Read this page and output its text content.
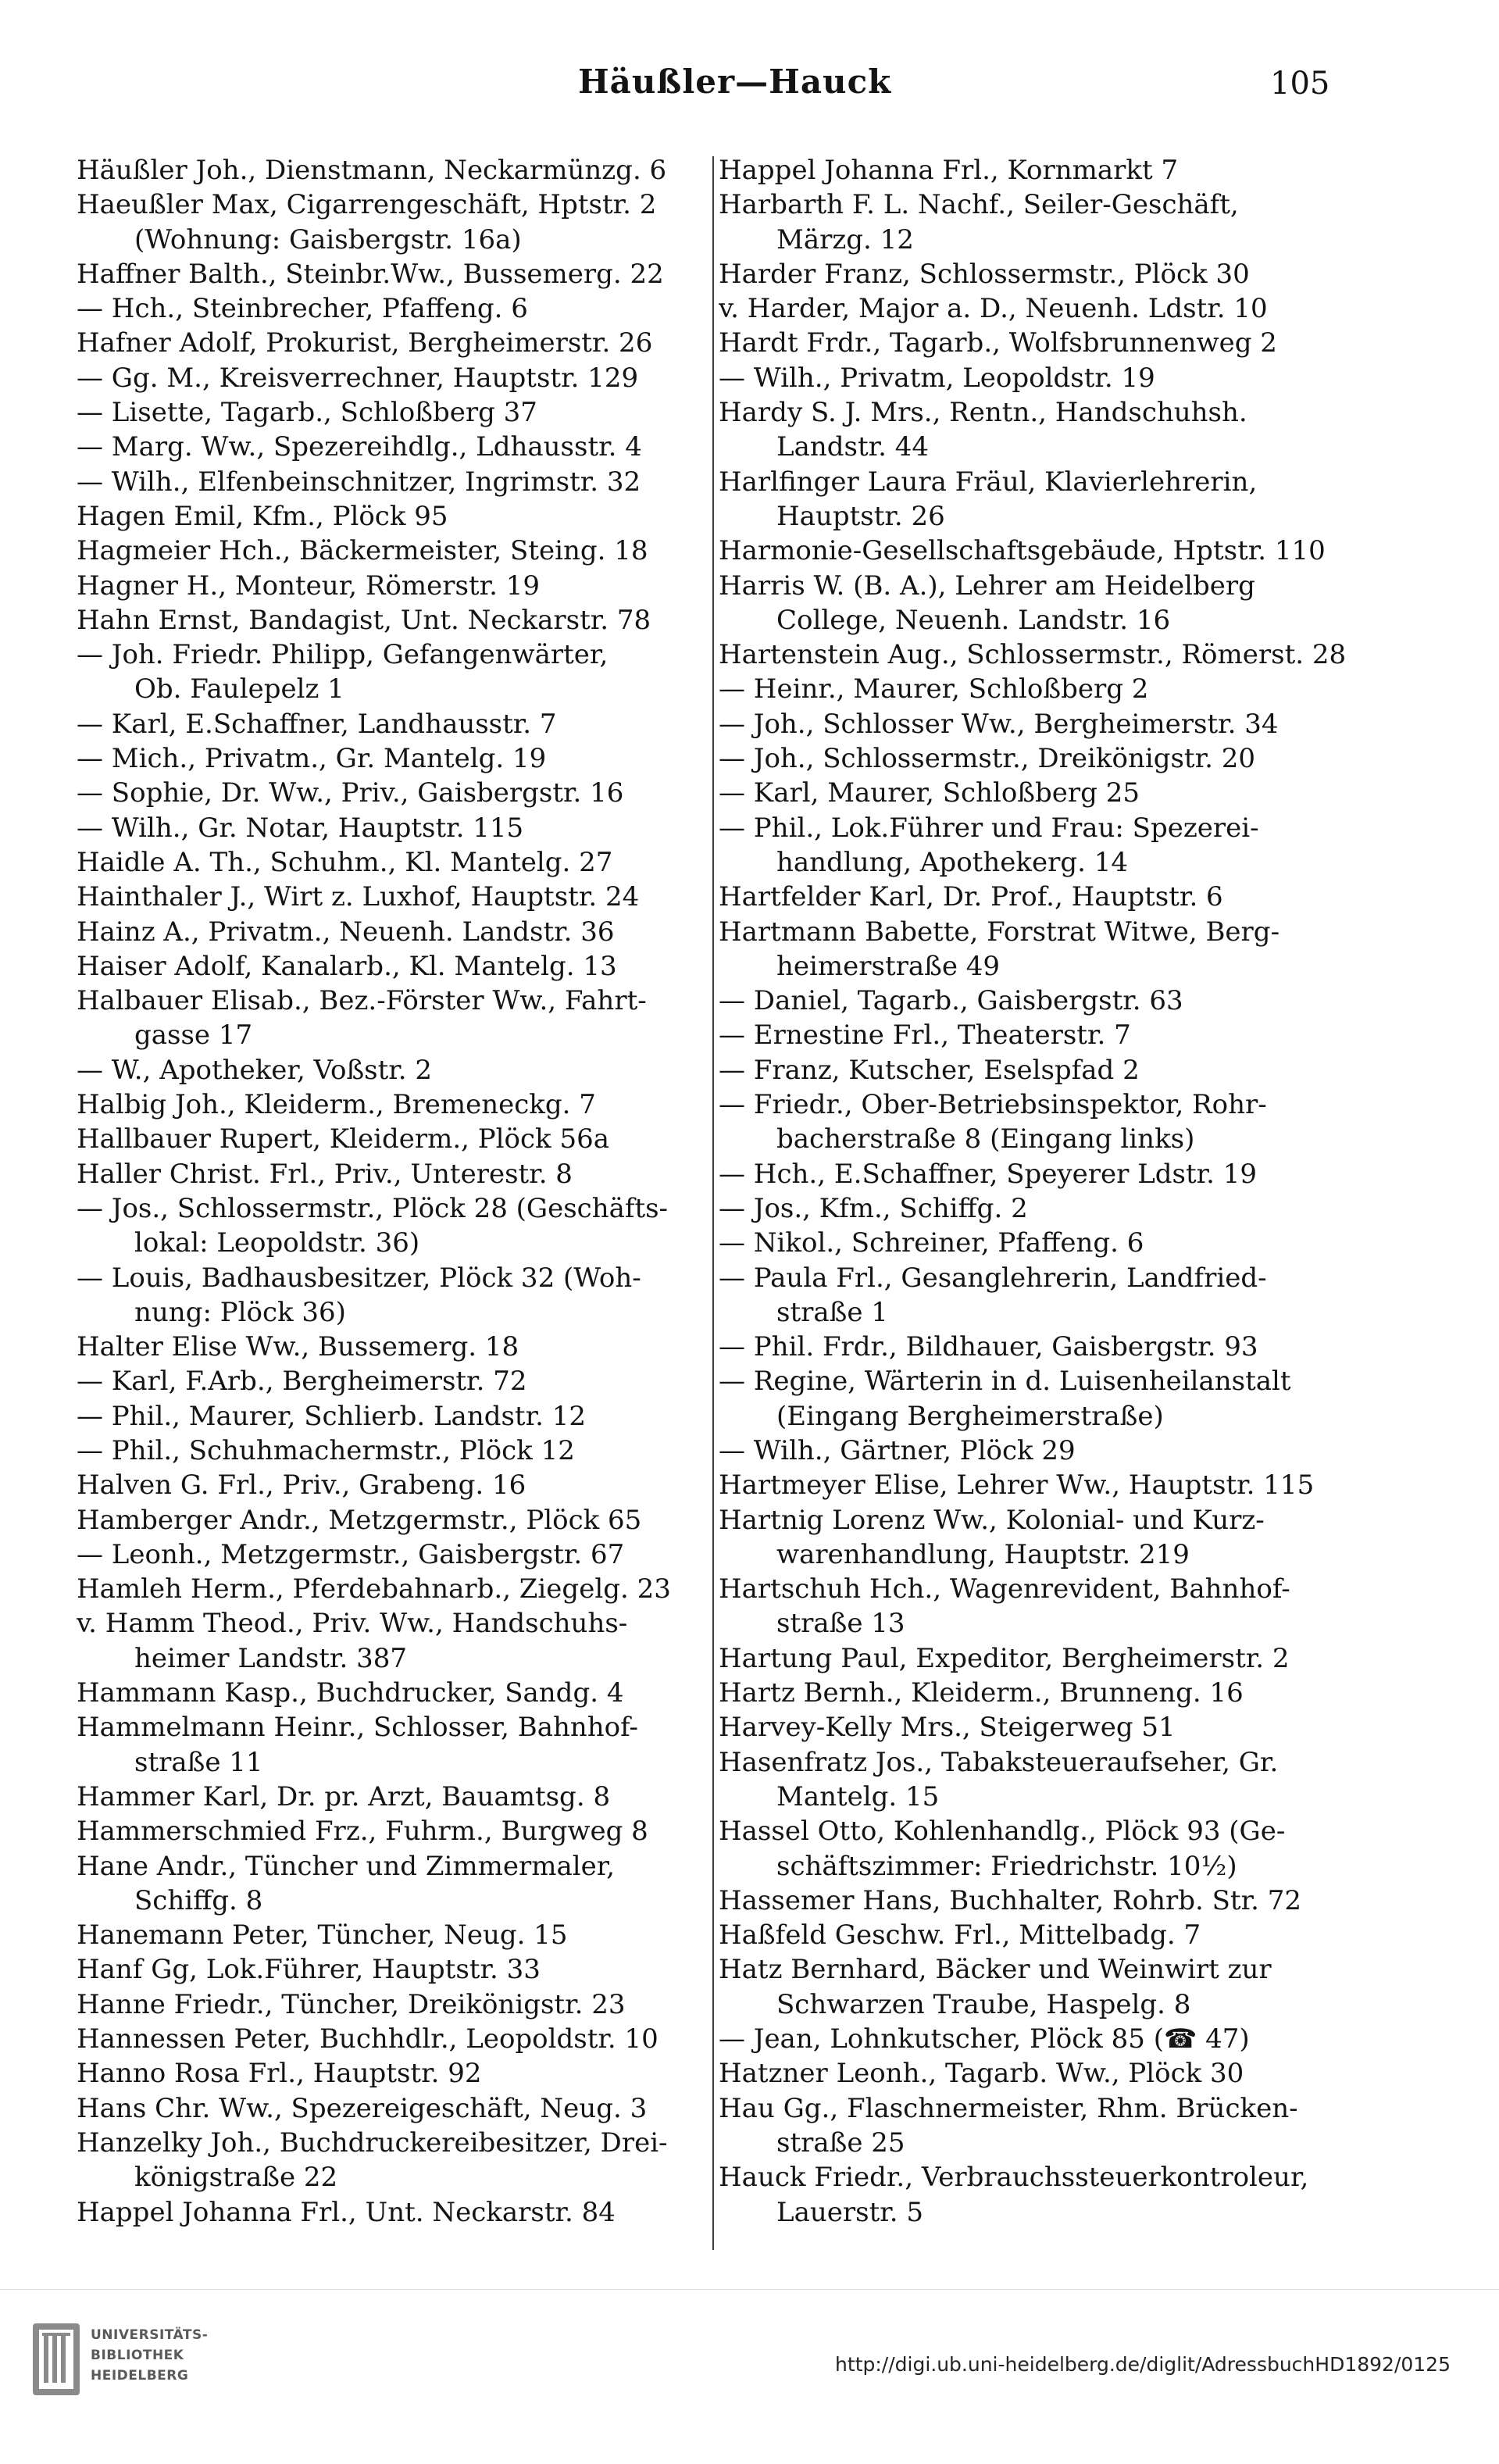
Häußler—Hauck	105
Häußler Joh., Dienstmann, Neckarmünzg. 6
Haeußler Max, Cigarrengeschäft, Hptstr. 2
(Wohnung: Gaisbergstr. 16a)
Haffner Balth., Steinbr.Ww., Bussemerg. 22
— Hch., Steinbrecher, Pfaffeng. 6
Hafner Adolf, Prokurist, Bergheimerstr. 26
— Gg. M., Kreisverrechner, Hauptstr. 129
— Lisette, Tagarb., Schloßberg 37
— Marg. Ww., Spezereihdlg., Ldhausstr. 4
— Wilh., Elfenbeinschnitzer, Ingrimstr. 32
Hagen Emil, Kfm., Plöck 95
Hagmeier Hch., Bäckermeister, Steing. 18
Hagner H., Monteur, Römerstr. 19
Hahn Ernst, Bandagist, Unt. Neckarstr. 78
— Joh. Friedr. Philipp, Gefangenwärter,
Ob. Faulepelz 1
— Karl, E.Schaffner, Landhausstr. 7
— Mich., Privatm., Gr. Mantelg. 19
— Sophie, Dr. Ww., Priv., Gaisbergstr. 16
— Wilh., Gr. Notar, Hauptstr. 115
Haidle A. Th., Schuhm., Kl. Mantelg. 27
Hainthaler J., Wirt z. Luxhof, Hauptstr. 24
Hainz A., Privatm., Neuenh. Landstr. 36
Haiser Adolf, Kanalarb., Kl. Mantelg. 13
Halbauer Elisab., Bez.-Förster Ww., Fahrt-
gasse 17
— W., Apotheker, Voßstr. 2
Halbig Joh., Kleiderm., Bremeneckg. 7
Hallbauer Rupert, Kleiderm., Plöck 56a
Haller Christ. Frl., Priv., Unterestr. 8
— Jos., Schlossermstr., Plöck 28 (Geschäfts-
lokal: Leopoldstr. 36)
— Louis, Badhausbesitzer, Plöck 32 (Woh-
nung: Plöck 36)
Halter Elise Ww., Bussemerg. 18
— Karl, F.Arb., Bergheimerstr. 72
— Phil., Maurer, Schlierb. Landstr. 12
— Phil., Schuhmachermstr., Plöck 12
Halven G. Frl., Priv., Grabeng. 16
Hamberger Andr., Metzgermstr., Plöck 65
— Leonh., Metzgermstr., Gaisbergstr. 67
Hamleh Herm., Pferdebahnarb., Ziegelg. 23
v. Hamm Theod., Priv. Ww., Handschuhs-
heimer Landstr. 387
Hammann Kasp., Buchdrucker, Sandg. 4
Hammelmann Heinr., Schlosser, Bahnhof-
straße 11
Hammer Karl, Dr. pr. Arzt, Bauamtsg. 8
Hammerschmied Frz., Fuhrm., Burgweg 8
Hane Andr., Tüncher und Zimmermaler,
Schiffg. 8
Hanemann Peter, Tüncher, Neug. 15
Hanf Gg, Lok.Führer, Hauptstr. 33
Hanne Friedr., Tüncher, Dreikönigstr. 23
Hannessen Peter, Buchhdlr., Leopoldstr. 10
Hanno Rosa Frl., Hauptstr. 92
Hans Chr. Ww., Spezereigeschäft, Neug. 3
Hanzelky Joh., Buchdruckereibesitzer, Drei-
königstraße 22
Happel Johanna Frl., Unt. Neckarstr. 84
Happel Johanna Frl., Kornmarkt 7
Harbarth F. L. Nachf., Seiler-Geschäft,
Märzg. 12
Harder Franz, Schlossermstr., Plöck 30
v. Harder, Major a. D., Neuenh. Ldstr. 10
Hardt Frdr., Tagarb., Wolfsbrunnenweg 2
— Wilh., Privatm, Leopoldstr. 19
Hardy S. J. Mrs., Rentn., Handschuhsh.
Landstr. 44
Harlfinger Laura Fräul, Klavierlehrerin,
Hauptstr. 26
Harmonie-Gesellschaftsgebäude, Hptstr. 110
Harris W. (B. A.), Lehrer am Heidelberg
College, Neuenh. Landstr. 16
Hartenstein Aug., Schlossermstr., Römerst. 28
— Heinr., Maurer, Schloßberg 2
— Joh., Schlosser Ww., Bergheimerstr. 34
— Joh., Schlossermstr., Dreikönigstr. 20
— Karl, Maurer, Schloßberg 25
— Phil., Lok.Führer und Frau: Spezerei-
handlung, Apothekerg. 14
Hartfelder Karl, Dr. Prof., Hauptstr. 6
Hartmann Babette, Forstrat Witwe, Berg-
heimerstraße 49
— Daniel, Tagarb., Gaisbergstr. 63
— Ernestine Frl., Theaterstr. 7
— Franz, Kutscher, Eselspfad 2
— Friedr., Ober-Betriebsinspektor, Rohr-
bacherstraße 8 (Eingang links)
— Hch., E.Schaffner, Speyerer Ldstr. 19
— Jos., Kfm., Schiffg. 2
— Nikol., Schreiner, Pfaffeng. 6
— Paula Frl., Gesanglehrerin, Landfried-
straße 1
— Phil. Frdr., Bildhauer, Gaisbergstr. 93
— Regine, Wärterin in d. Luisenheilanstalt
(Eingang Bergheimerstraße)
— Wilh., Gärtner, Plöck 29
Hartmeyer Elise, Lehrer Ww., Hauptstr. 115
Hartnig Lorenz Ww., Kolonial- und Kurz-
warenhandlung, Hauptstr. 219
Hartschuh Hch., Wagenrevident, Bahnhof-
straße 13
Hartung Paul, Expeditor, Bergheimerstr. 2
Hartz Bernh., Kleiderm., Brunneng. 16
Harvey-Kelly Mrs., Steigerweg 51
Hasenfratz Jos., Tabaksteueraufseher, Gr.
Mantelg. 15
Hassel Otto, Kohlenhandlg., Plöck 93 (Ge-
schäftszimmer: Friedrichstr. 10½)
Hassemer Hans, Buchhalter, Rohrb. Str. 72
Haßfeld Geschw. Frl., Mittelbadg. 7
Hatz Bernhard, Bäcker und Weinwirt zur
Schwarzen Traube, Haspelg. 8
— Jean, Lohnkutscher, Plöck 85 (☎ 47)
Hatzner Leonh., Tagarb. Ww., Plöck 30
Hau Gg., Flaschnermeister, Rhm. Brücken-
straße 25
Hauck Friedr., Verbrauchssteuerkontroleur,
Lauerstr. 5
UNIVERSITÄTS-
BIBLIOTHEK
HEIDELBERG	http://digi.ub.uni-heidelberg.de/diglit/AdressbuchHD1892/0125
